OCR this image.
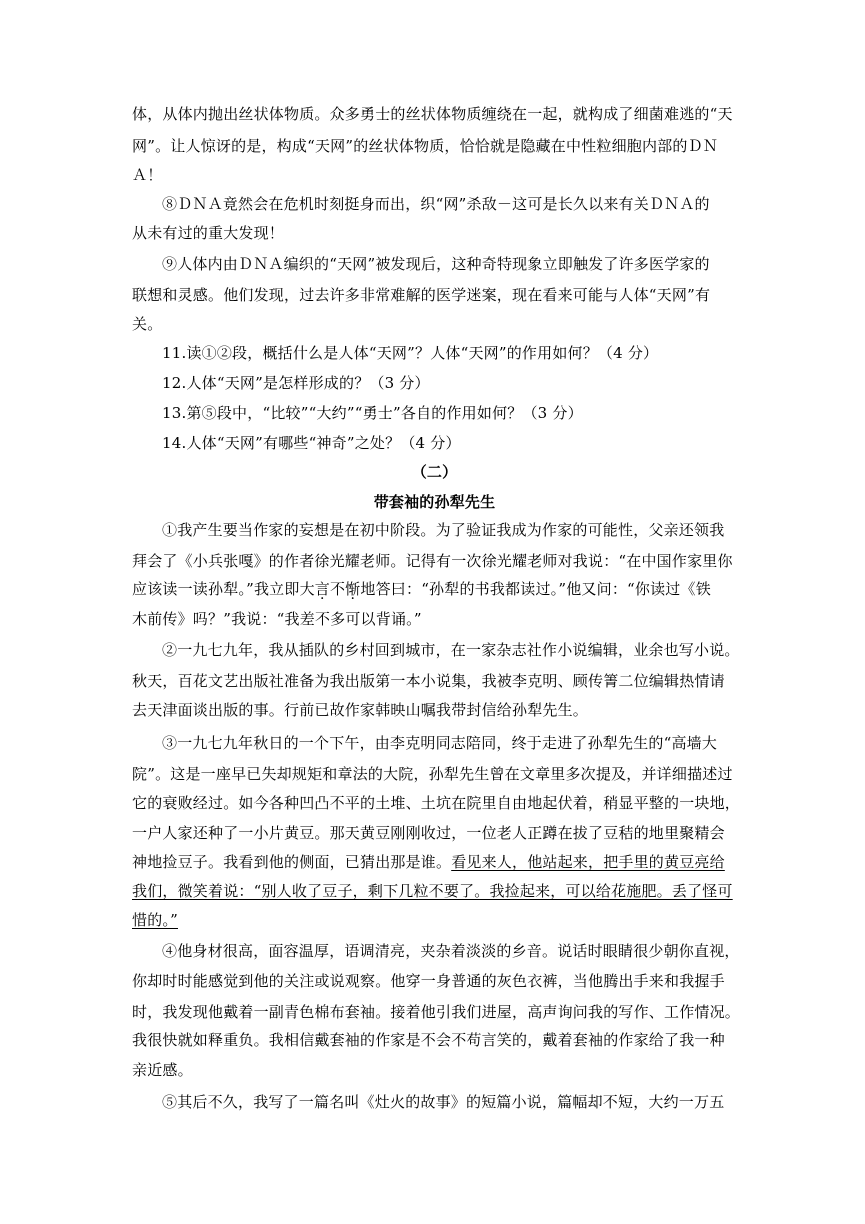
体，从体内抛出丝状体物质。众多勇士的丝状体物质缠绕在一起，就构成了细菌难逃的“天
网”。让人惊讶的是，构成“天网”的丝状体物质，恰恰就是隐藏在中性粒细胞内部的ＤＮ
Ａ！
⑧ＤＮＡ竟然会在危机时刻挺身而出，织“网”杀敌－这可是长久以来有关ＤＮＡ的
从未有过的重大发现！
⑨人体内由ＤＮＡ编织的“天网”被发现后，这种奇特现象立即触发了许多医学家的
联想和灵感。他们发现，过去许多非常难解的医学迷案，现在看来可能与人体“天网”有
关。
11.读①②段，概括什么是人体“天网”？人体“天网”的作用如何？（4 分）
12.人体“天网”是怎样形成的？（3 分）
13.第⑤段中，“比较”“大约”“勇士”各自的作用如何？（3 分）
14.人体“天网”有哪些“神奇”之处？（4 分）
（二）
带套袖的孙犁先生
①我产生要当作家的妄想是在初中阶段。为了验证我成为作家的可能性，父亲还领我
拜会了《小兵张嘎》的作者徐光耀老师。记得有一次徐光耀老师对我说：“在中国作家里你
应该读一读孙犁。”我立即大言不惭地答曰：“孙犁的书我都读过。”他又问：“你读过《铁
木前传》吗？”我说：“我差不多可以背诵。”
②一九七九年，我从插队的乡村回到城市，在一家杂志社作小说编辑，业余也写小说。
秋天，百花文艺出版社准备为我出版第一本小说集，我被李克明、顾传箐二位编辑热情请
去天津面谈出版的事。行前已故作家韩映山嘱我带封信给孙犁先生。
③一九七九年秋日的一个下午，由李克明同志陪同，终于走进了孙犁先生的“高墙大
院”。这是一座早已失却规矩和章法的大院，孙犁先生曾在文章里多次提及，并详细描述过
它的衰败经过。如今各种凹凸不平的土堆、土坑在院里自由地起伏着，稍显平整的一块地，
一户人家还种了一小片黄豆。那天黄豆刚刚收过，一位老人正蹲在拔了豆秸的地里聚精会
神地捡豆子。我看到他的侧面，已猜出那是谁。看见来人，他站起来，把手里的黄豆亮给
我们，微笑着说：“别人收了豆子，剩下几粒不要了。我捡起来，可以给花施肥。丢了怪可
惜的。”
④他身材很高，面容温厚，语调清亮，夹杂着淡淡的乡音。说话时眼睛很少朝你直视，
你却时时能感觉到他的关注或说观察。他穿一身普通的灰色衣裤，当他腾出手来和我握手
时，我发现他戴着一副青色棉布套袖。接着他引我们进屋，高声询问我的写作、工作情况。
我很快就如释重负。我相信戴套袖的作家是不会不苟言笑的，戴着套袖的作家给了我一种
亲近感。
⑤其后不久，我写了一篇名叫《灶火的故事》的短篇小说，篇幅却不短，大约一万五
